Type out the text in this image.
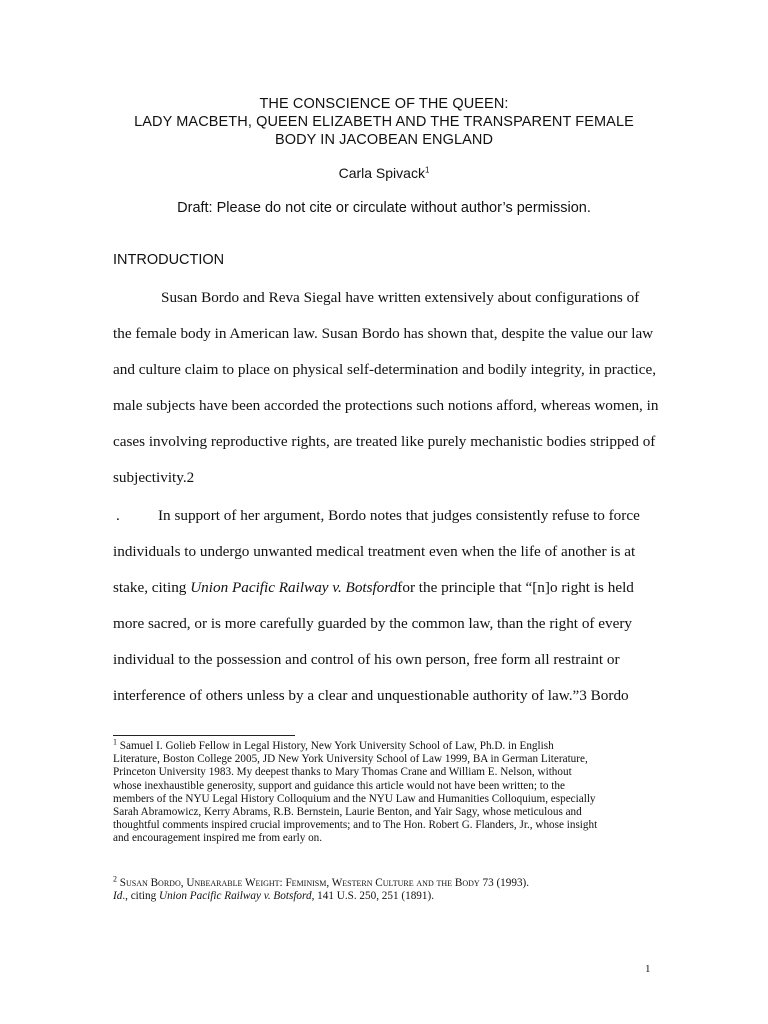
THE CONSCIENCE OF THE QUEEN:
LADY MACBETH, QUEEN ELIZABETH AND THE TRANSPARENT FEMALE
BODY IN JACOBEAN ENGLAND
Carla Spivack$^1$
Draft: Please do not cite or circulate without author’s permission.
INTRODUCTION
Susan Bordo and Reva Siegal have written extensively about configurations of
the female body in American law. Susan Bordo has shown that, despite the value our law
and culture claim to place on physical self-determination and bodily integrity, in practice,
male subjects have been accorded the protections such notions afford, whereas women, in
cases involving reproductive rights, are treated like purely mechanistic bodies stripped of
subjectivity.2
.	In support of her argument, Bordo notes that judges consistently refuse to force
individuals to undergo unwanted medical treatment even when the life of another is at
stake, citing Union Pacific Railway v. Botsfordfor the principle that “[n]o right is held
more sacred, or is more carefully guarded by the common law, than the right of every
individual to the possession and control of his own person, free form all restraint or
interference of others unless by a clear and unquestionable authority of law.”3 Bordo
$^1$ Samuel I. Golieb Fellow in Legal History, New York University School of Law, Ph.D. in English
Literature, Boston College 2005, JD New York University School of Law 1999, BA in German Literature,
Princeton University 1983. My deepest thanks to Mary Thomas Crane and William E. Nelson, without
whose inexhaustible generosity, support and guidance this article would not have been written; to the
members of the NYU Legal History Colloquium and the NYU Law and Humanities Colloquium, especially
Sarah Abramowicz, Kerry Abrams, R.B. Bernstein, Laurie Benton, and Yair Sagy, whose meticulous and
thoughtful comments inspired crucial improvements; and to The Hon. Robert G. Flanders, Jr., whose insight
and encouragement inspired me from early on.
$^2$ Susan Bordo, Unbearable Weight: Feminism, Western Culture and the Body 73 (1993).
Id., citing Union Pacific Railway v. Botsford, 141 U.S. 250, 251 (1891).
1
